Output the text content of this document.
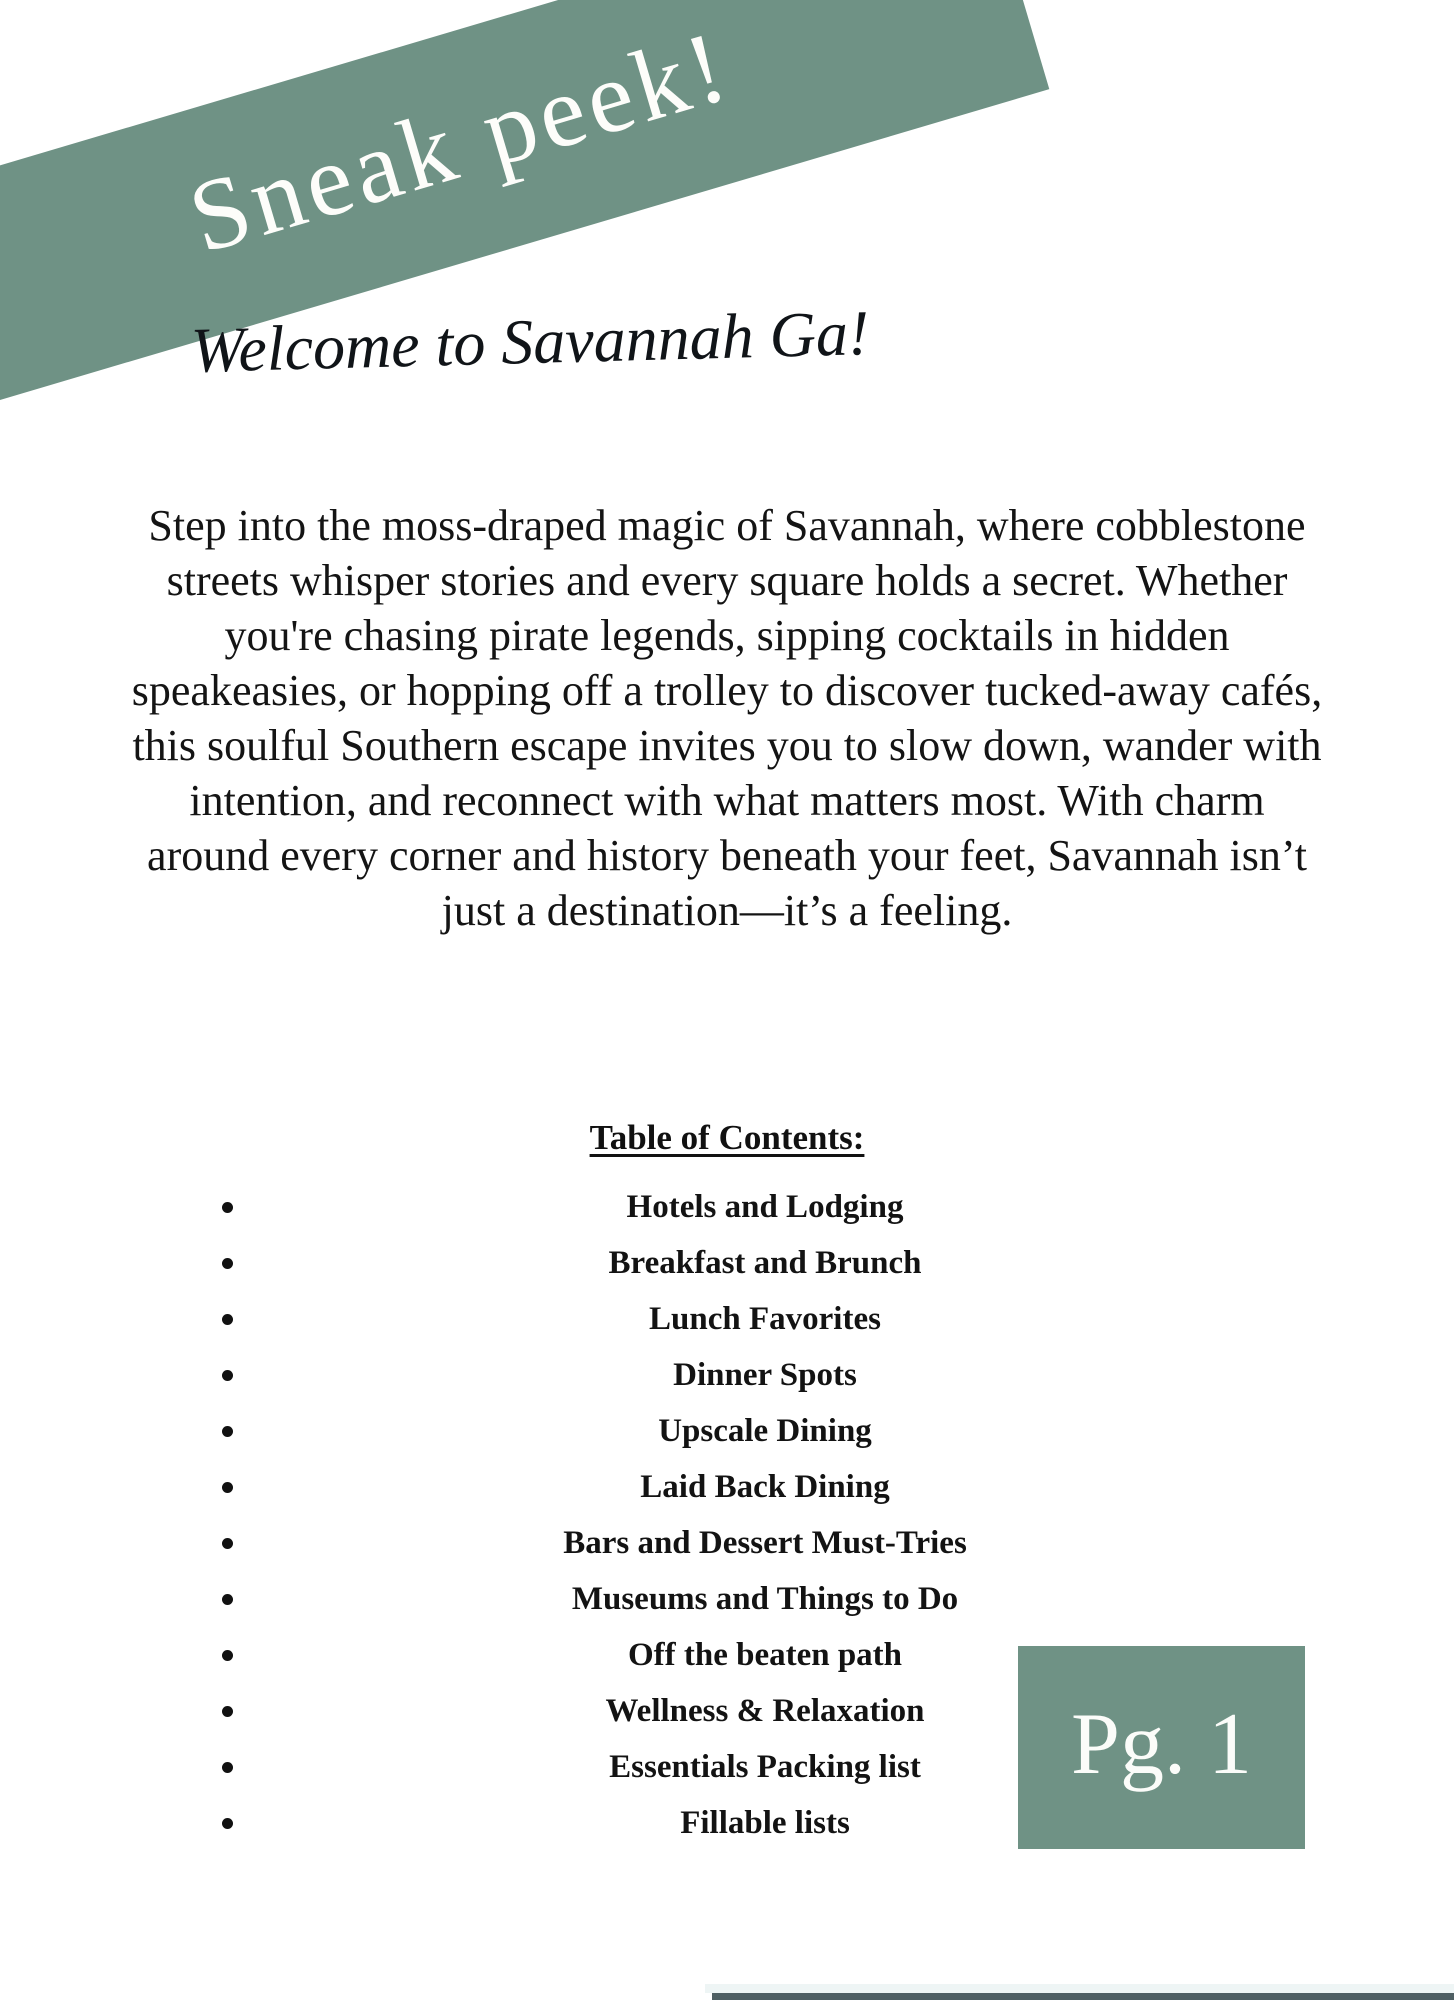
Sneak peek!
Welcome to Savannah Ga!
Step into the moss-draped magic of Savannah, where cobblestone streets whisper stories and every square holds a secret. Whether you're chasing pirate legends, sipping cocktails in hidden speakeasies, or hopping off a trolley to discover tucked-away cafés, this soulful Southern escape invites you to slow down, wander with intention, and reconnect with what matters most. With charm around every corner and history beneath your feet, Savannah isn’t just a destination—it’s a feeling.
Table of Contents:
Hotels and Lodging
Breakfast and Brunch
Lunch Favorites
Dinner Spots
Upscale Dining
Laid Back Dining
Bars and Dessert Must-Tries
Museums and Things to Do
Off the beaten path
Wellness & Relaxation
Essentials Packing list
Fillable lists
Pg. 1
